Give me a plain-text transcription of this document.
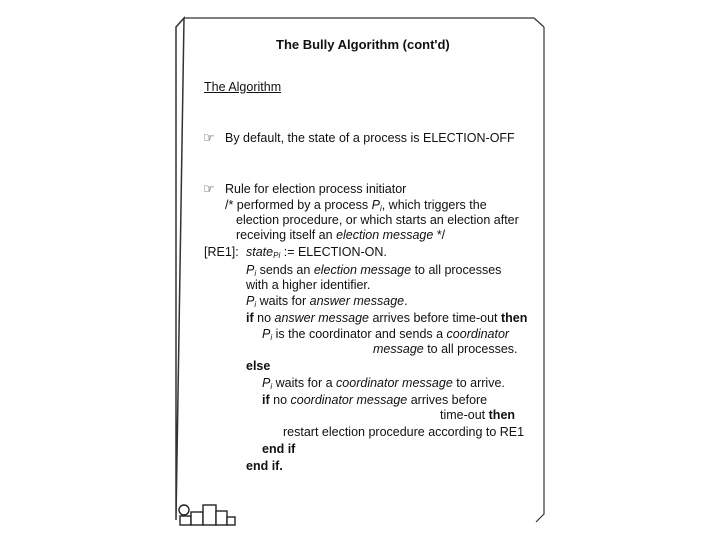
The Bully Algorithm (cont'd)
The Algorithm
☞ By default, the state of a process is ELECTION-OFF
☞ Rule for election process initiator
/* performed by a process $P_i$, which triggers the
election procedure, or which starts an election after
receiving itself an election message */
[RE1]: state$_{Pi}$ := ELECTION-ON.
$P_i$ sends an election message to all processes
with a higher identifier.
$P_i$ waits for answer message.
if no answer message arrives before time-out then
$P_i$ is the coordinator and sends a coordinator
message to all processes.
else
$P_i$ waits for a coordinator message to arrive.
if no coordinator message arrives before
time-out then
restart election procedure according to RE1
end if
end if.
